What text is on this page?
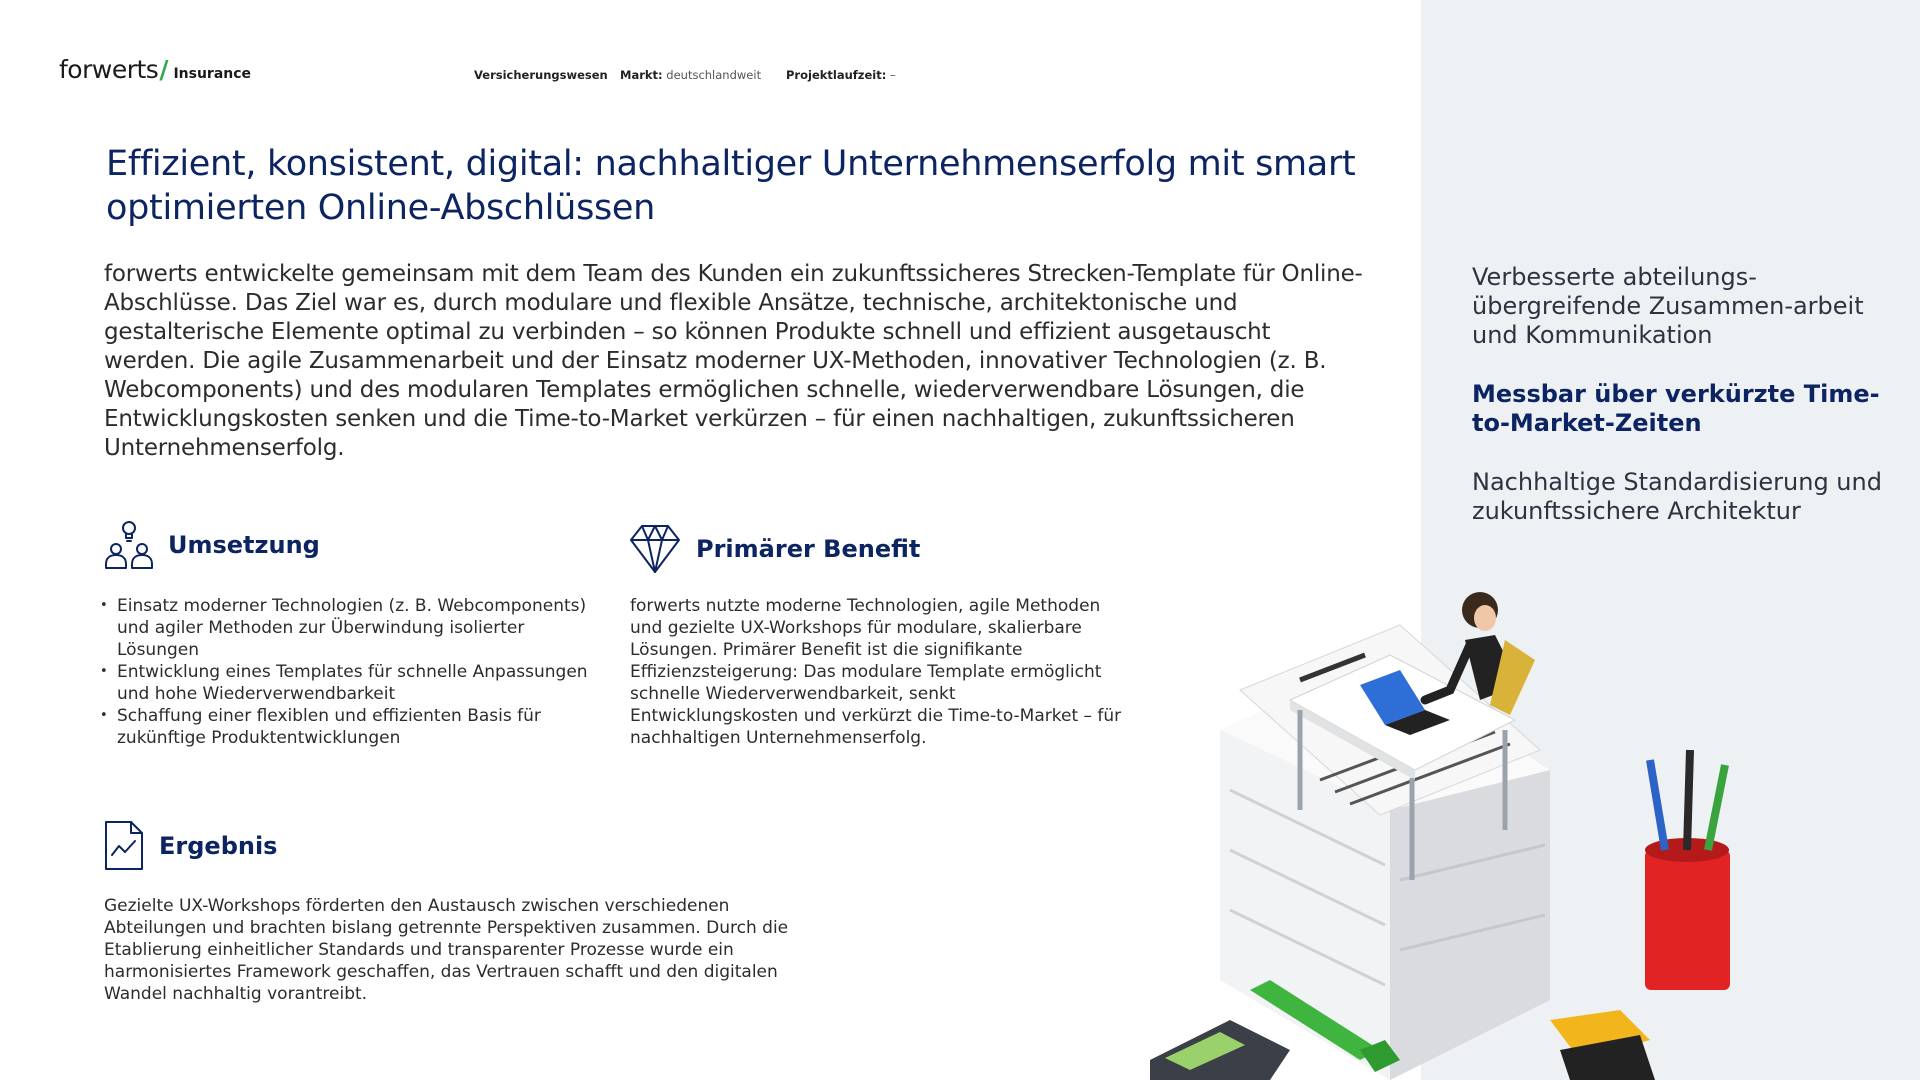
forwerts / Insurance	Versicherungswesen Markt: deutschlandweit Projektlaufzeit: –
Effizient, konsistent, digital: nachhaltiger Unternehmenserfolg mit smart optimierten Online-Abschlüssen

forwerts entwickelte gemeinsam mit dem Team des Kunden ein zukunftssicheres Strecken-Template für Online-Abschlüsse. Das Ziel war es, durch modulare und flexible Ansätze, technische, architektonische und gestalterische Elemente optimal zu verbinden – so können Produkte schnell und effizient ausgetauscht werden. Die agile Zusammenarbeit und der Einsatz moderner UX-Methoden, innovativer Technologien (z. B. Webcomponents) und des modularen Templates ermöglichen schnelle, wiederverwendbare Lösungen, die Entwicklungskosten senken und die Time-to-Market verkürzen – für einen nachhaltigen, zukunftssicheren Unternehmenserfolg.

Umsetzung
• Einsatz moderner Technologien (z. B. Webcomponents) und agiler Methoden zur Überwindung isolierter Lösungen
• Entwicklung eines Templates für schnelle Anpassungen und hohe Wiederverwendbarkeit
• Schaffung einer flexiblen und effizienten Basis für zukünftige Produktentwicklungen
Primärer Benefit

forwerts nutzte moderne Technologien, agile Methoden und gezielte UX-Workshops für modulare, skalierbare Lösungen. Primärer Benefit ist die signifikante Effizienzsteigerung: Das modulare Template ermöglicht schnelle Wiederverwendbarkeit, senkt Entwicklungskosten und verkürzt die Time-to-Market – für nachhaltigen Unternehmenserfolg.

Ergebnis

Gezielte UX-Workshops förderten den Austausch zwischen verschiedenen Abteilungen und brachten bislang getrennte Perspektiven zusammen. Durch die Etablierung einheitlicher Standards und transparenter Prozesse wurde ein harmonisiertes Framework geschaffen, das Vertrauen schafft und den digitalen Wandel nachhaltig vorantreibt.

Verbesserte abteilungs-übergreifende Zusammen-arbeit und Kommunikation

Messbar über verkürzte Time-to-Market-Zeiten

Nachhaltige Standardisierung und zukunftssichere Architektur
